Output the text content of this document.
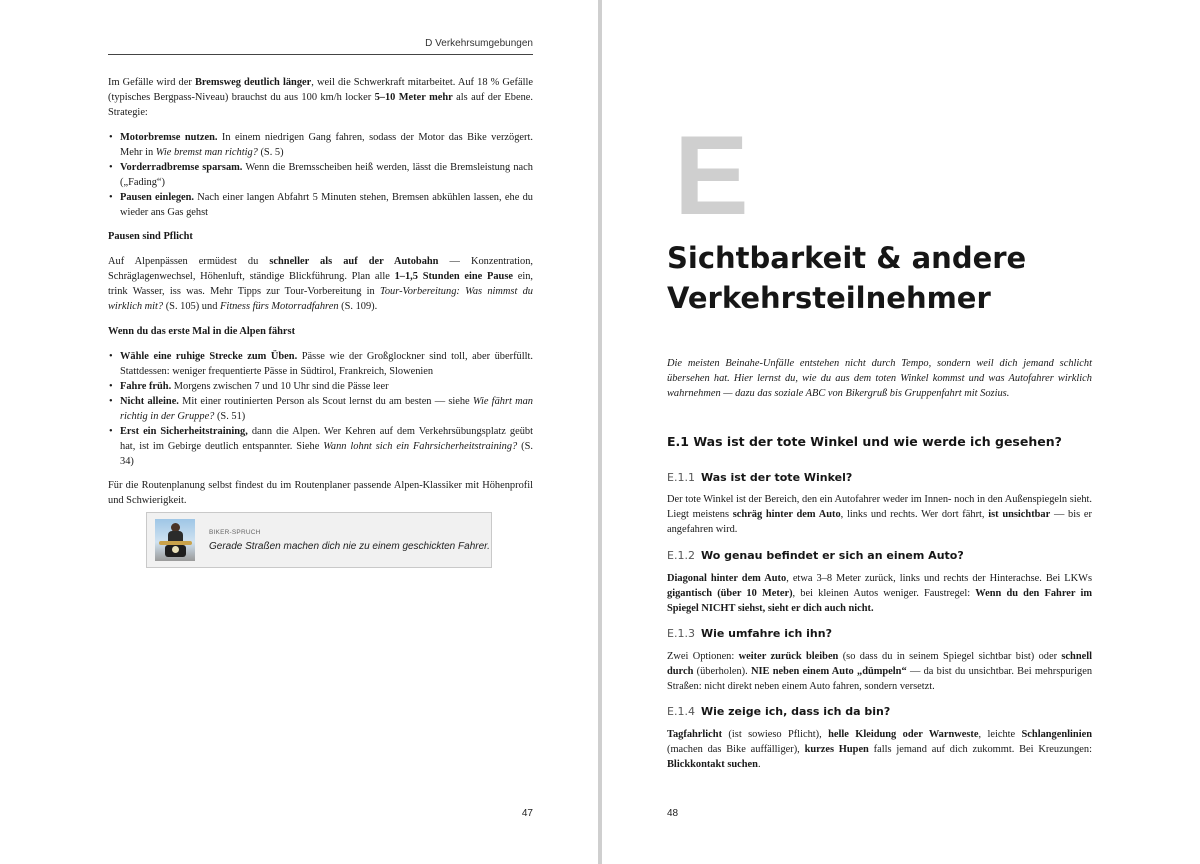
D Verkehrsumgebungen

Im Gefälle wird der Bremsweg deutlich länger, weil die Schwerkraft mitarbeitet. Auf 18 % Gefälle (typisches Bergpass-Niveau) brauchst du aus 100 km/h locker 5–10 Meter mehr als auf der Ebene. Strategie:

• Motorbremse nutzen. In einem niedrigen Gang fahren, sodass der Motor das Bike verzögert. Mehr in Wie bremst man richtig? (S. 5)
• Vorderradbremse sparsam. Wenn die Bremsscheiben heiß werden, lässt die Bremsleistung nach („Fading“)
• Pausen einlegen. Nach einer langen Abfahrt 5 Minuten stehen, Bremsen abkühlen lassen, ehe du wieder ans Gas gehst

Pausen sind Pflicht

Auf Alpenpässen ermüdest du schneller als auf der Autobahn — Konzentration, Schräglagenwechsel, Höhenluft, ständige Blickführung. Plan alle 1–1,5 Stunden eine Pause ein, trink Wasser, iss was. Mehr Tipps zur Tour-Vorbereitung in Tour-Vorbereitung: Was nimmst du wirklich mit? (S. 105) und Fitness fürs Motorradfahren (S. 109).

Wenn du das erste Mal in die Alpen fährst

• Wähle eine ruhige Strecke zum Üben. Pässe wie der Großglockner sind toll, aber überfüllt. Stattdessen: weniger frequentierte Pässe in Südtirol, Frankreich, Slowenien
• Fahre früh. Morgens zwischen 7 und 10 Uhr sind die Pässe leer
• Nicht alleine. Mit einer routinierten Person als Scout lernst du am besten — siehe Wie fährt man richtig in der Gruppe? (S. 51)
• Erst ein Sicherheitstraining, dann die Alpen. Wer Kehren auf dem Verkehrsübungsplatz geübt hat, ist im Gebirge deutlich entspannter. Siehe Wann lohnt sich ein Fahrsicherheitstraining? (S. 34)

Für die Routenplanung selbst findest du im Routenplaner passende Alpen-Klassiker mit Höhenprofil und Schwierigkeit.

BIKER-SPRUCH
Gerade Straßen machen dich nie zu einem geschickten Fahrer.
47
E
Sichtbarkeit & andere
Verkehrsteilnehmer

Die meisten Beinahe-Unfälle entstehen nicht durch Tempo, sondern weil dich jemand schlicht übersehen hat. Hier lernst du, wie du aus dem toten Winkel kommst und was Autofahrer wirklich wahrnehmen — dazu das soziale ABC von Bikergruß bis Gruppenfahrt mit Sozius.

E.1 Was ist der tote Winkel und wie werde ich gesehen?
E.1.1 Was ist der tote Winkel?

Der tote Winkel ist der Bereich, den ein Autofahrer weder im Innen- noch in den Außenspiegeln sieht. Liegt meistens schräg hinter dem Auto, links und rechts. Wer dort fährt, ist unsichtbar — bis er angefahren wird.

E.1.2 Wo genau befindet er sich an einem Auto?

Diagonal hinter dem Auto, etwa 3–8 Meter zurück, links und rechts der Hinterachse. Bei LKWs gigantisch (über 10 Meter), bei kleinen Autos weniger. Faustregel: Wenn du den Fahrer im Spiegel NICHT siehst, sieht er dich auch nicht.

E.1.3 Wie umfahre ich ihn?

Zwei Optionen: weiter zurück bleiben (so dass du in seinem Spiegel sichtbar bist) oder schnell durch (überholen). NIE neben einem Auto „dümpeln“ — da bist du unsichtbar. Bei mehrspurigen Straßen: nicht direkt neben einem Auto fahren, sondern versetzt.

E.1.4 Wie zeige ich, dass ich da bin?

Tagfahrlicht (ist sowieso Pflicht), helle Kleidung oder Warnweste, leichte Schlangenlinien (machen das Bike auffälliger), kurzes Hupen falls jemand auf dich zukommt. Bei Kreuzungen: Blickkontakt suchen.

48
